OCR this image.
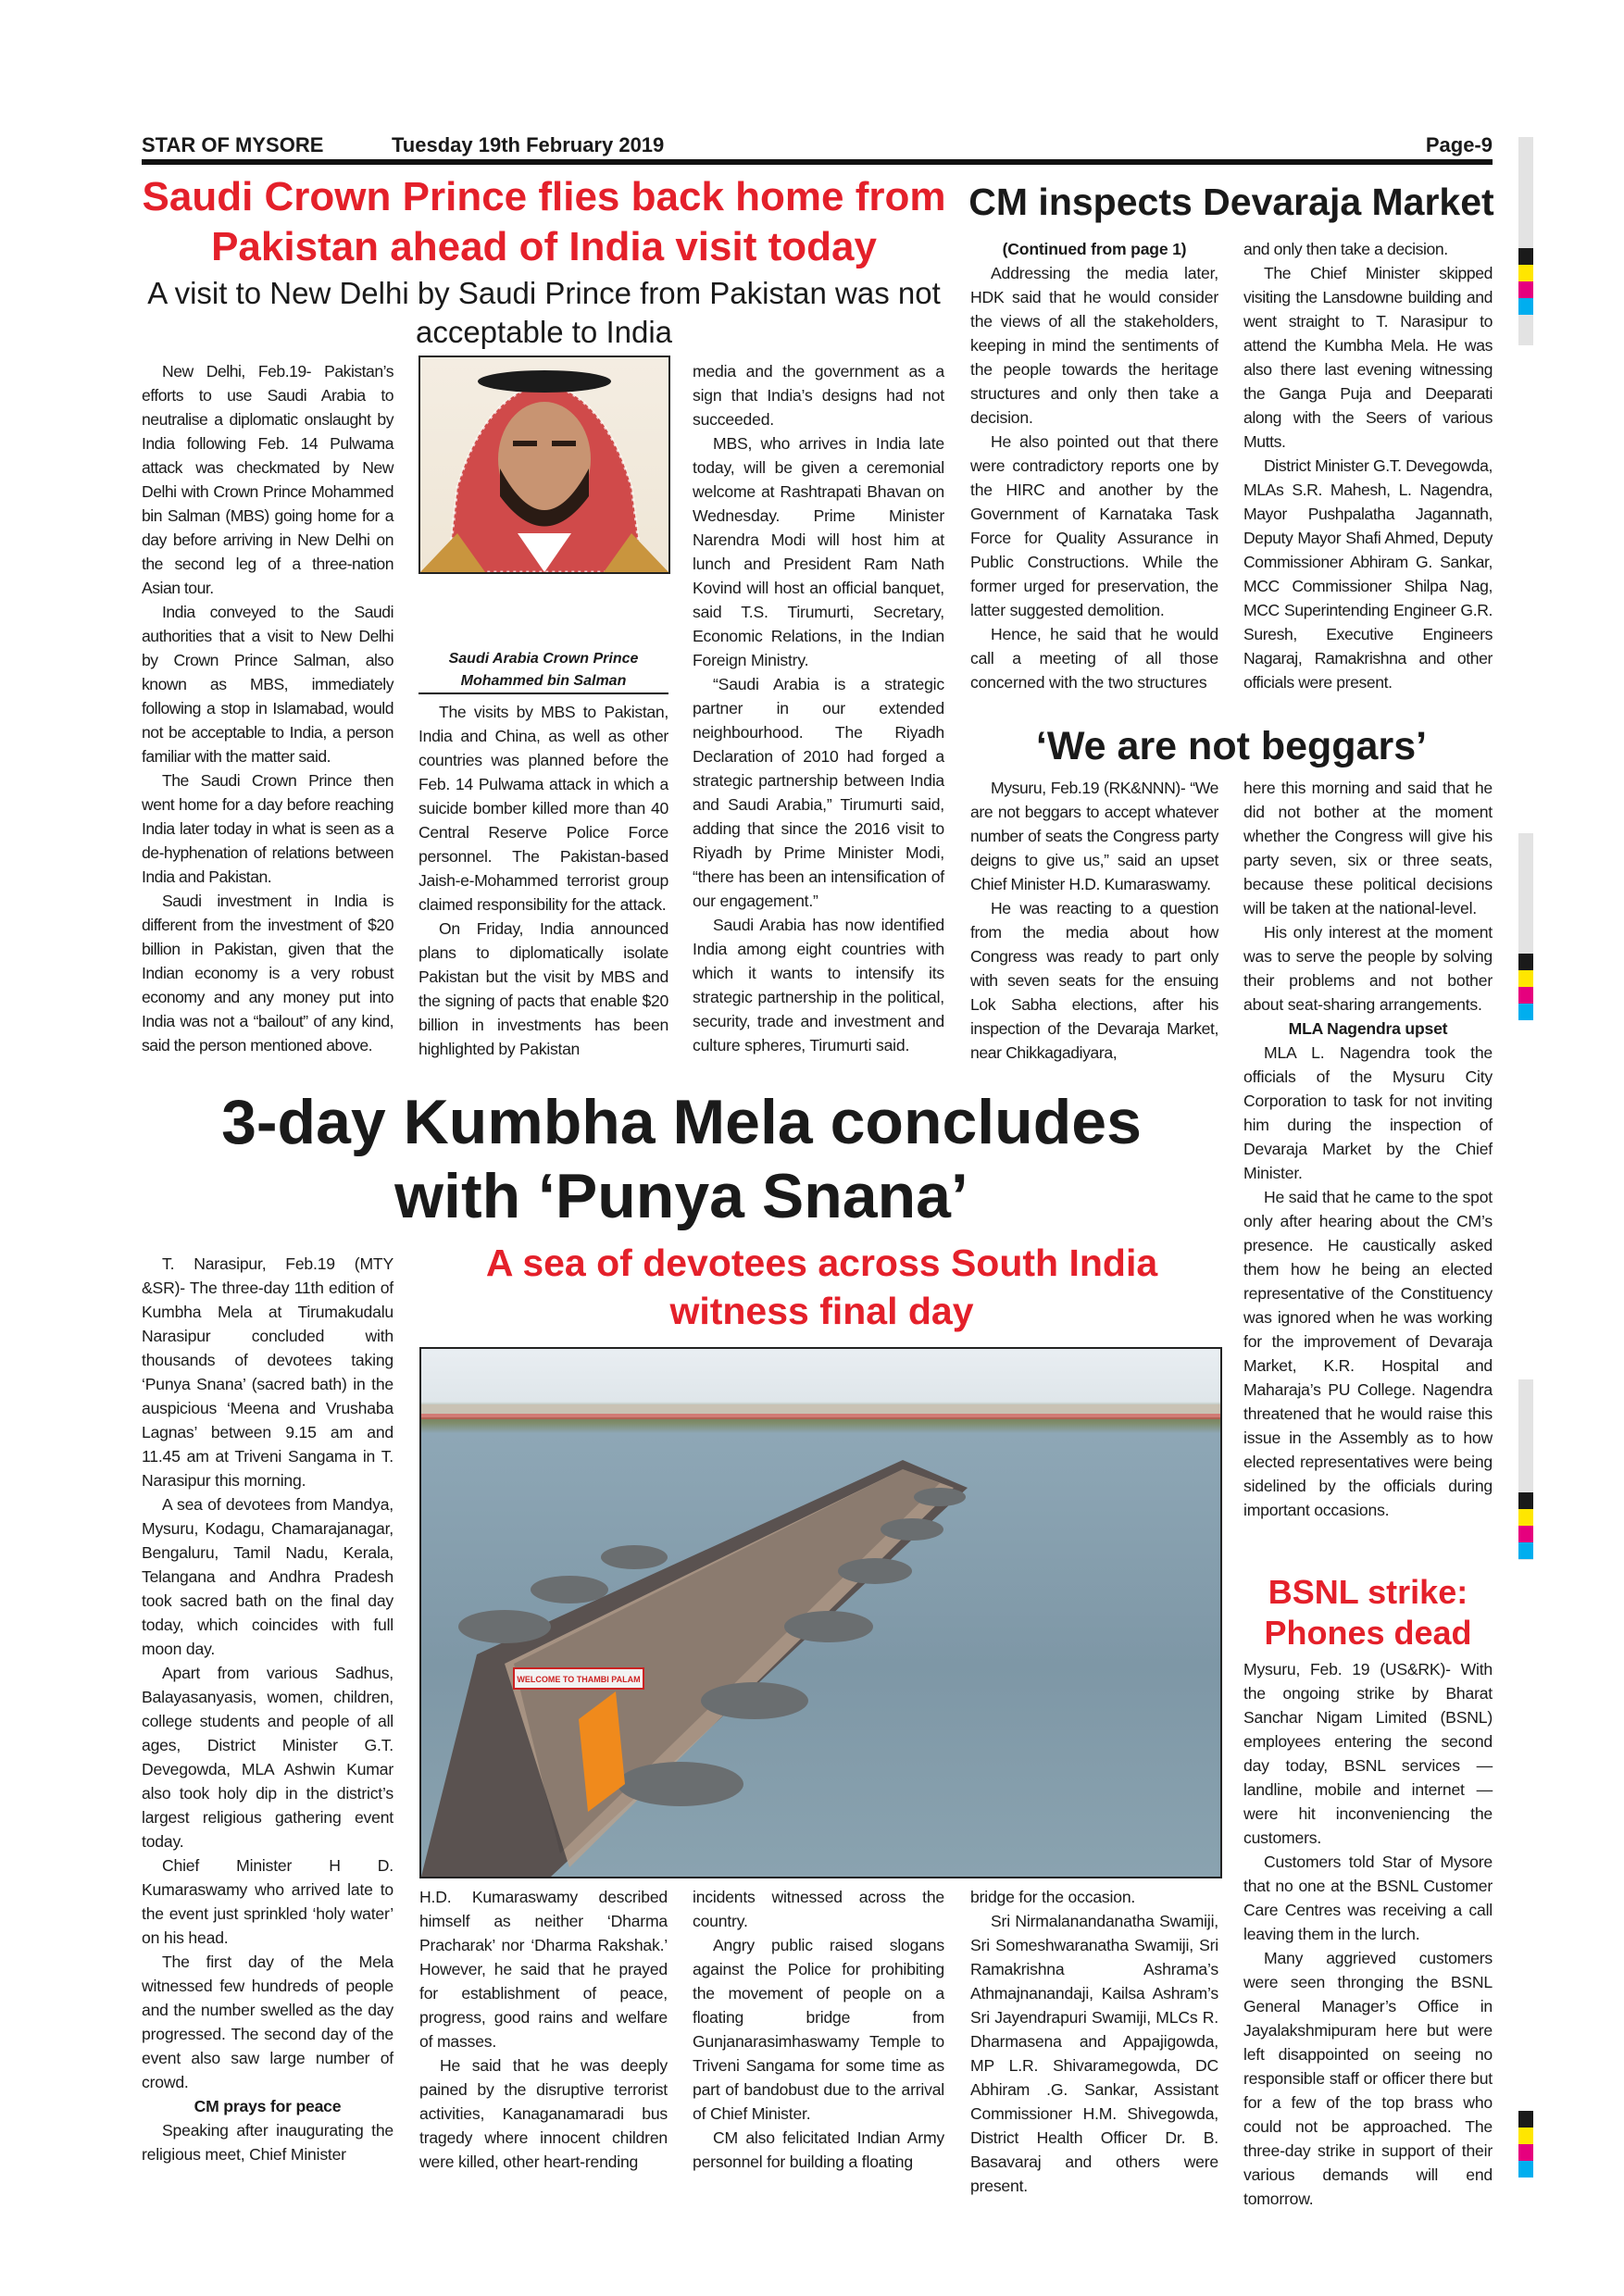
STAR OF MYSORE	Tuesday 19th February 2019	Page-9
Saudi Crown Prince flies back home from Pakistan ahead of India visit today
A visit to New Delhi by Saudi Prince from Pakistan was not acceptable to India

New Delhi, Feb.19- Pakistan’s efforts to use Saudi Arabia to neutralise a diplomatic onslaught by India following Feb. 14 Pulwama attack was checkmated by New Delhi with Crown Prince Mohammed bin Salman (MBS) going home for a day before arriving in New Delhi on the second leg of a three-nation Asian tour.

India conveyed to the Saudi authorities that a visit to New Delhi by Crown Prince Salman, also known as MBS, immediately following a stop in Islamabad, would not be acceptable to India, a person familiar with the matter said.

The Saudi Crown Prince then went home for a day before reaching India later today in what is seen as a de-hyphenation of relations between India and Pakistan.

Saudi investment in India is different from the investment of $20 billion in Pakistan, given that the Indian economy is a very robust economy and any money put into India was not a “bailout” of any kind, said the person mentioned above.

Saudi Arabia Crown Prince
Mohammed bin Salman

The visits by MBS to Pakistan, India and China, as well as other countries was planned before the Feb. 14 Pulwama attack in which a suicide bomber killed more than 40 Central Reserve Police Force personnel. The Pakistan-based Jaish-e-Mohammed terrorist group claimed responsibility for the attack.

On Friday, India announced plans to diplomatically isolate Pakistan but the visit by MBS and the signing of pacts that enable $20 billion in investments has been highlighted by Pakistan

media and the government as a sign that India’s designs had not succeeded.

MBS, who arrives in India late today, will be given a ceremonial welcome at Rashtrapati Bhavan on Wednesday. Prime Minister Narendra Modi will host him at lunch and President Ram Nath Kovind will host an official banquet, said T.S. Tirumurti, Secretary, Economic Relations, in the Indian Foreign Ministry.

“Saudi Arabia is a strategic partner in our extended neighbourhood. The Riyadh Declaration of 2010 had forged a strategic partnership between India and Saudi Arabia,” Tirumurti said, adding that since the 2016 visit to Riyadh by Prime Minister Modi, “there has been an intensification of our engagement.”

Saudi Arabia has now identified India among eight countries with which it wants to intensify its strategic partnership in the political, security, trade and investment and culture spheres, Tirumurti said.

CM inspects Devaraja Market

(Continued from page 1)

Addressing the media later, HDK said that he would consider the views of all the stakeholders, keeping in mind the sentiments of the people towards the heritage structures and only then take a decision.

He also pointed out that there were contradictory reports one by the HIRC and another by the Government of Karnataka Task Force for Quality Assurance in Public Constructions. While the former urged for preservation, the latter suggested demolition.

Hence, he said that he would call a meeting of all those concerned with the two structures

and only then take a decision.

The Chief Minister skipped visiting the Lansdowne building and went straight to T. Narasipur to attend the Kumbha Mela. He was also there last evening witnessing the Ganga Puja and Deeparati along with the Seers of various Mutts.

District Minister G.T. Devegowda, MLAs S.R. Mahesh, L. Nagendra, Mayor Pushpalatha Jagannath, Deputy Mayor Shafi Ahmed, Deputy Commissioner Abhiram G. Sankar, MCC Commissioner Shilpa Nag, MCC Superintending Engineer G.R. Suresh, Executive Engineers Nagaraj, Ramakrishna and other officials were present.

‘We are not beggars’

Mysuru, Feb.19 (RK&NNN)- “We are not beggars to accept whatever number of seats the Congress party deigns to give us,” said an upset Chief Minister H.D. Kumaraswamy.

He was reacting to a question from the media about how Congress was ready to part only with seven seats for the ensuing Lok Sabha elections, after his inspection of the Devaraja Market, near Chikkagadiyara,

here this morning and said that he did not bother at the moment whether the Congress will give his party seven, six or three seats, because these political decisions will be taken at the national-level.

His only interest at the moment was to serve the people by solving their problems and not bother about seat-sharing arrangements.

MLA Nagendra upset

MLA L. Nagendra took the officials of the Mysuru City Corporation to task for not inviting him during the inspection of Devaraja Market by the Chief Minister.

He said that he came to the spot only after hearing about the CM’s presence. He caustically asked them how he being an elected representative of the Constituency was ignored when he was working for the improvement of Devaraja Market, K.R. Hospital and Maharaja’s PU College. Nagendra threatened that he would raise this issue in the Assembly as to how elected representatives were being sidelined by the officials during important occasions.

BSNL strike:
Phones dead

Mysuru, Feb. 19 (US&RK)- With the ongoing strike by Bharat Sanchar Nigam Limited (BSNL) employees entering the second day today, BSNL services — landline, mobile and internet — were hit inconveniencing the customers.

Customers told Star of Mysore that no one at the BSNL Customer Care Centres was receiving a call leaving them in the lurch.

Many aggrieved customers were seen thronging the BSNL General Manager’s Office in Jayalakshmipuram here but were left disappointed on seeing no responsible staff or officer there but for a few of the top brass who could not be approached. The three-day strike in support of their various demands will end tomorrow.

3-day Kumbha Mela concludes
with ‘Punya Snana’
A sea of devotees across South India witness final day

T. Narasipur, Feb.19 (MTY &SR)- The three-day 11th edition of Kumbha Mela at Tirumakudalu Narasipur concluded with thousands of devotees taking ‘Punya Snana’ (sacred bath) in the auspicious ‘Meena and Vrushaba Lagnas’ between 9.15 am and 11.45 am at Triveni Sangama in T. Narasipur this morning.

A sea of devotees from Mandya, Mysuru, Kodagu, Chamarajanagar, Bengaluru, Tamil Nadu, Kerala, Telangana and Andhra Pradesh took sacred bath on the final day today, which coincides with full moon day.

Apart from various Sadhus, Balayasanyasis, women, children, college students and people of all ages, District Minister G.T. Devegowda, MLA Ashwin Kumar also took holy dip in the district’s largest religious gathering event today.

Chief Minister H D. Kumaraswamy who arrived late to the event just sprinkled ‘holy water’ on his head.

The first day of the Mela witnessed few hundreds of people and the number swelled as the day progressed. The second day of the event also saw large number of crowd.

CM prays for peace

Speaking after inaugurating the religious meet, Chief Minister

WELCOME TO THAMBI PALAM

H.D. Kumaraswamy described himself as neither ‘Dharma Pracharak’ nor ‘Dharma Rakshak.’ However, he said that he prayed for establishment of peace, progress, good rains and welfare of masses.

He said that he was deeply pained by the disruptive terrorist activities, Kanaganamaradi bus tragedy where innocent children were killed, other heart-rending

incidents witnessed across the country.

Angry public raised slogans against the Police for prohibiting the movement of people on a floating bridge from Gunjanarasimhaswamy Temple to Triveni Sangama for some time as part of bandobust due to the arrival of Chief Minister.

CM also felicitated Indian Army personnel for building a floating

bridge for the occasion.

Sri Nirmalanandanatha Swamiji, Sri Someshwaranatha Swamiji, Sri Ramakrishna Ashrama’s Athmajnanandaji, Kailsa Ashram’s Sri Jayendrapuri Swamiji, MLCs R. Dharmasena and Appajigowda, MP L.R. Shivaramegowda, DC Abhiram .G. Sankar, Assistant Commissioner H.M. Shivegowda, District Health Officer Dr. B. Basavaraj and others were present.
